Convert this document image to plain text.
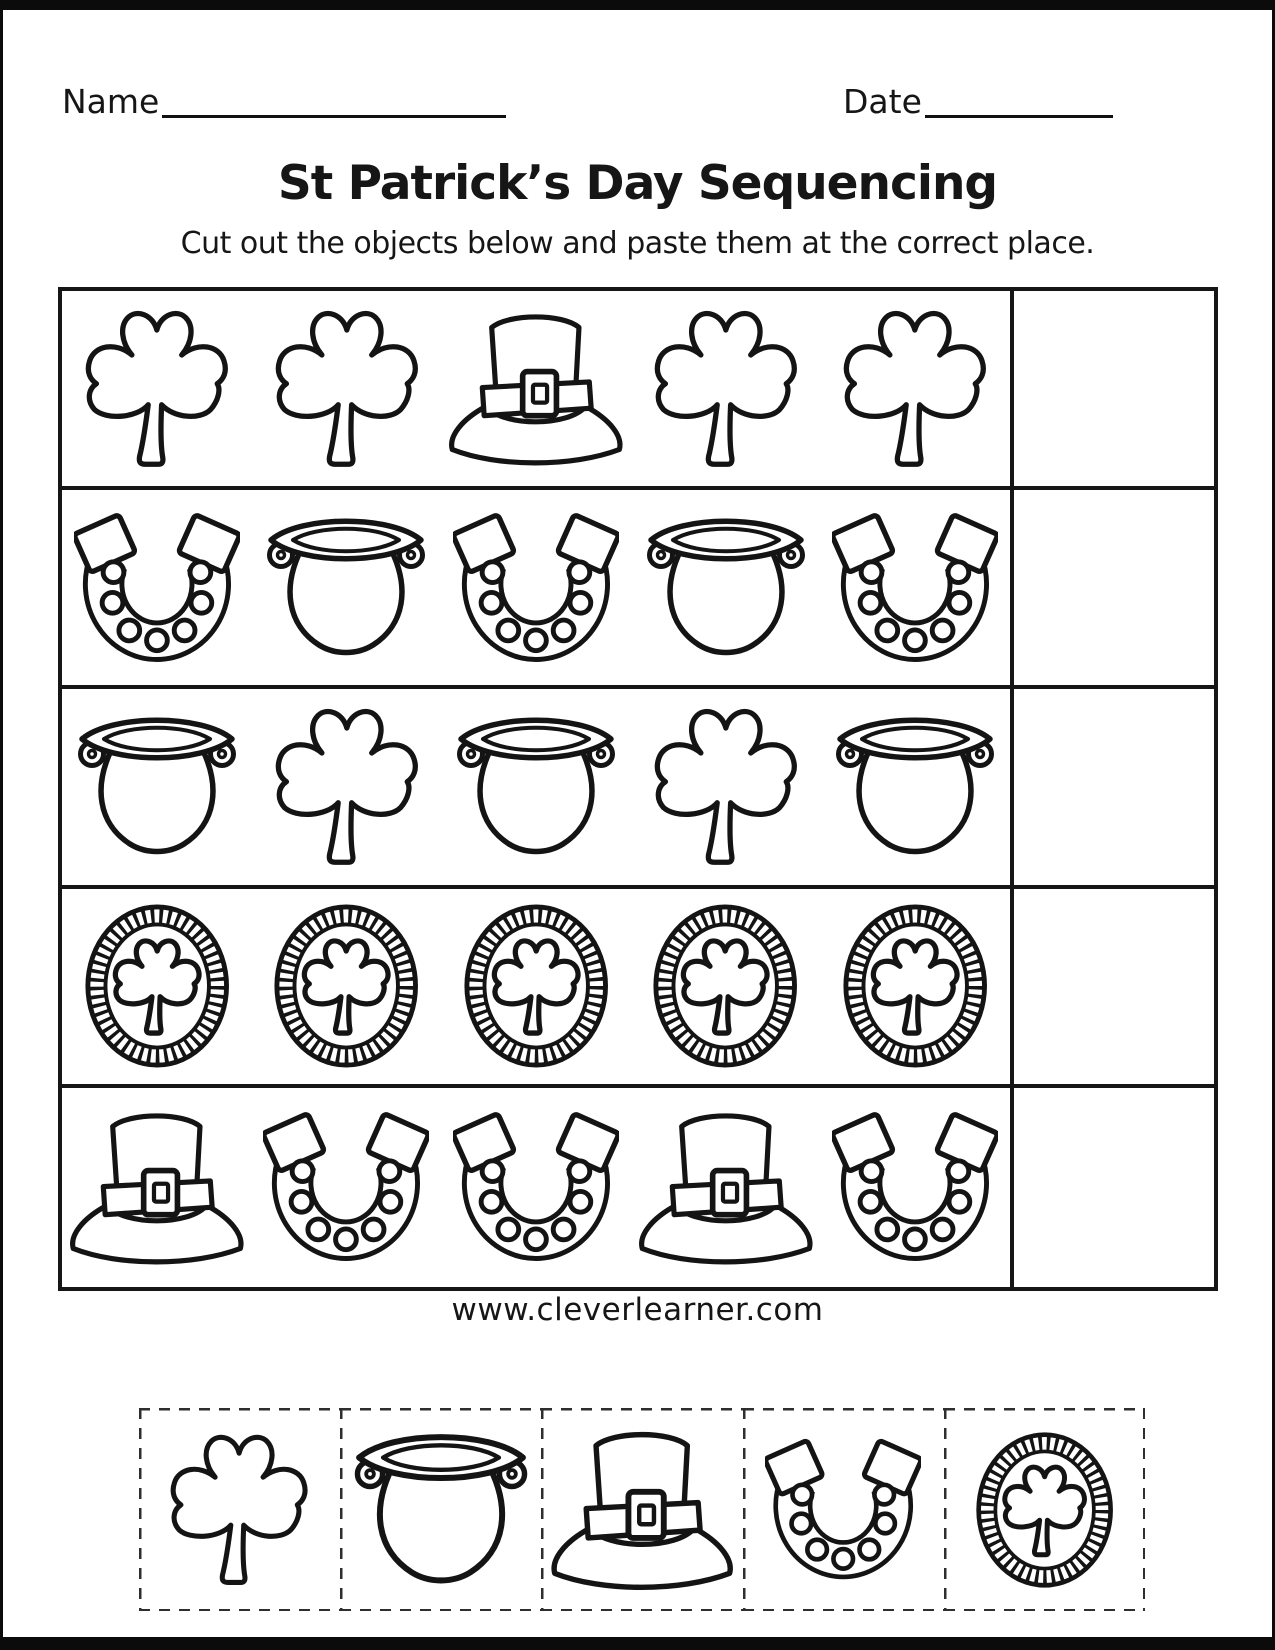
Name	Date
St Patrick’s Day Sequencing
Cut out the objects below and paste them at the correct place.
www.cleverlearner.com
